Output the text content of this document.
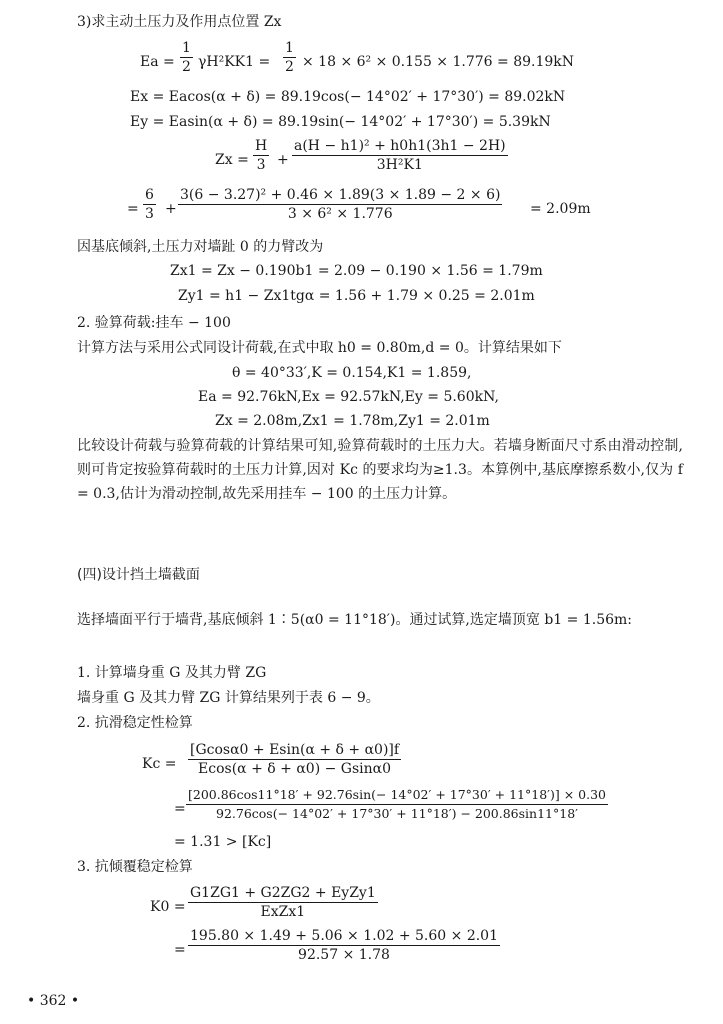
3)求主动土压力及作用点位置 Zx
Ea =
1
2 γH²KK1 =
1
2 × 18 × 6² × 0.155 × 1.776 = 89.19kN
Ex = Eacos(α + δ) = 89.19cos(− 14°02′ + 17°30′) = 89.02kN
Ey = Easin(α + δ) = 89.19sin(− 14°02′ + 17°30′) = 5.39kN
Zx =
H
3 +
a(H − h1)² + h0h1(3h1 − 2H)
3H²K1
=
6
3 +
3(6 − 3.27)² + 0.46 × 1.89(3 × 1.89 − 2 × 6)
3 × 6² × 1.776	= 2.09m
因基底倾斜,土压力对墙趾 0 的力臂改为
Zx1 = Zx − 0.190b1 = 2.09 − 0.190 × 1.56 = 1.79m
Zy1 = h1 − Zx1tgα = 1.56 + 1.79 × 0.25 = 2.01m
2. 验算荷载:挂车 − 100
计算方法与采用公式同设计荷载,在式中取 h0 = 0.80m,d = 0。计算结果如下
θ = 40°33′,K = 0.154,K1 = 1.859,
Ea = 92.76kN,Ex = 92.57kN,Ey = 5.60kN,
Zx = 2.08m,Zx1 = 1.78m,Zy1 = 2.01m
比较设计荷载与验算荷载的计算结果可知,验算荷载时的土压力大。若墙身断面尺寸系由滑动控制,则可肯定按验算荷载时的土压力计算,因对 Kc 的要求均为≥1.3。本算例中,基底摩擦系数小,仅为 f = 0.3,估计为滑动控制,故先采用挂车 − 100 的土压力计算。
(四)设计挡土墙截面
选择墙面平行于墙背,基底倾斜 1∶5(α0 = 11°18′)。通过试算,选定墙顶宽 b1 = 1.56m:
1. 计算墙身重 G 及其力臂 ZG
墙身重 G 及其力臂 ZG 计算结果列于表 6 − 9。
2. 抗滑稳定性检算
Kc =
[Gcosα0 + Esin(α + δ + α0)]f
Ecos(α + δ + α0) − Gsinα0
=
[200.86cos11°18′ + 92.76sin(− 14°02′ + 17°30′ + 11°18′)] × 0.30
92.76cos(− 14°02′ + 17°30′ + 11°18′) − 200.86sin11°18′
= 1.31 > [Kc]
3. 抗倾覆稳定检算
K0 =
G1ZG1 + G2ZG2 + EyZy1
ExZx1
=
195.80 × 1.49 + 5.06 × 1.02 + 5.60 × 2.01
92.57 × 1.78
• 362 •
